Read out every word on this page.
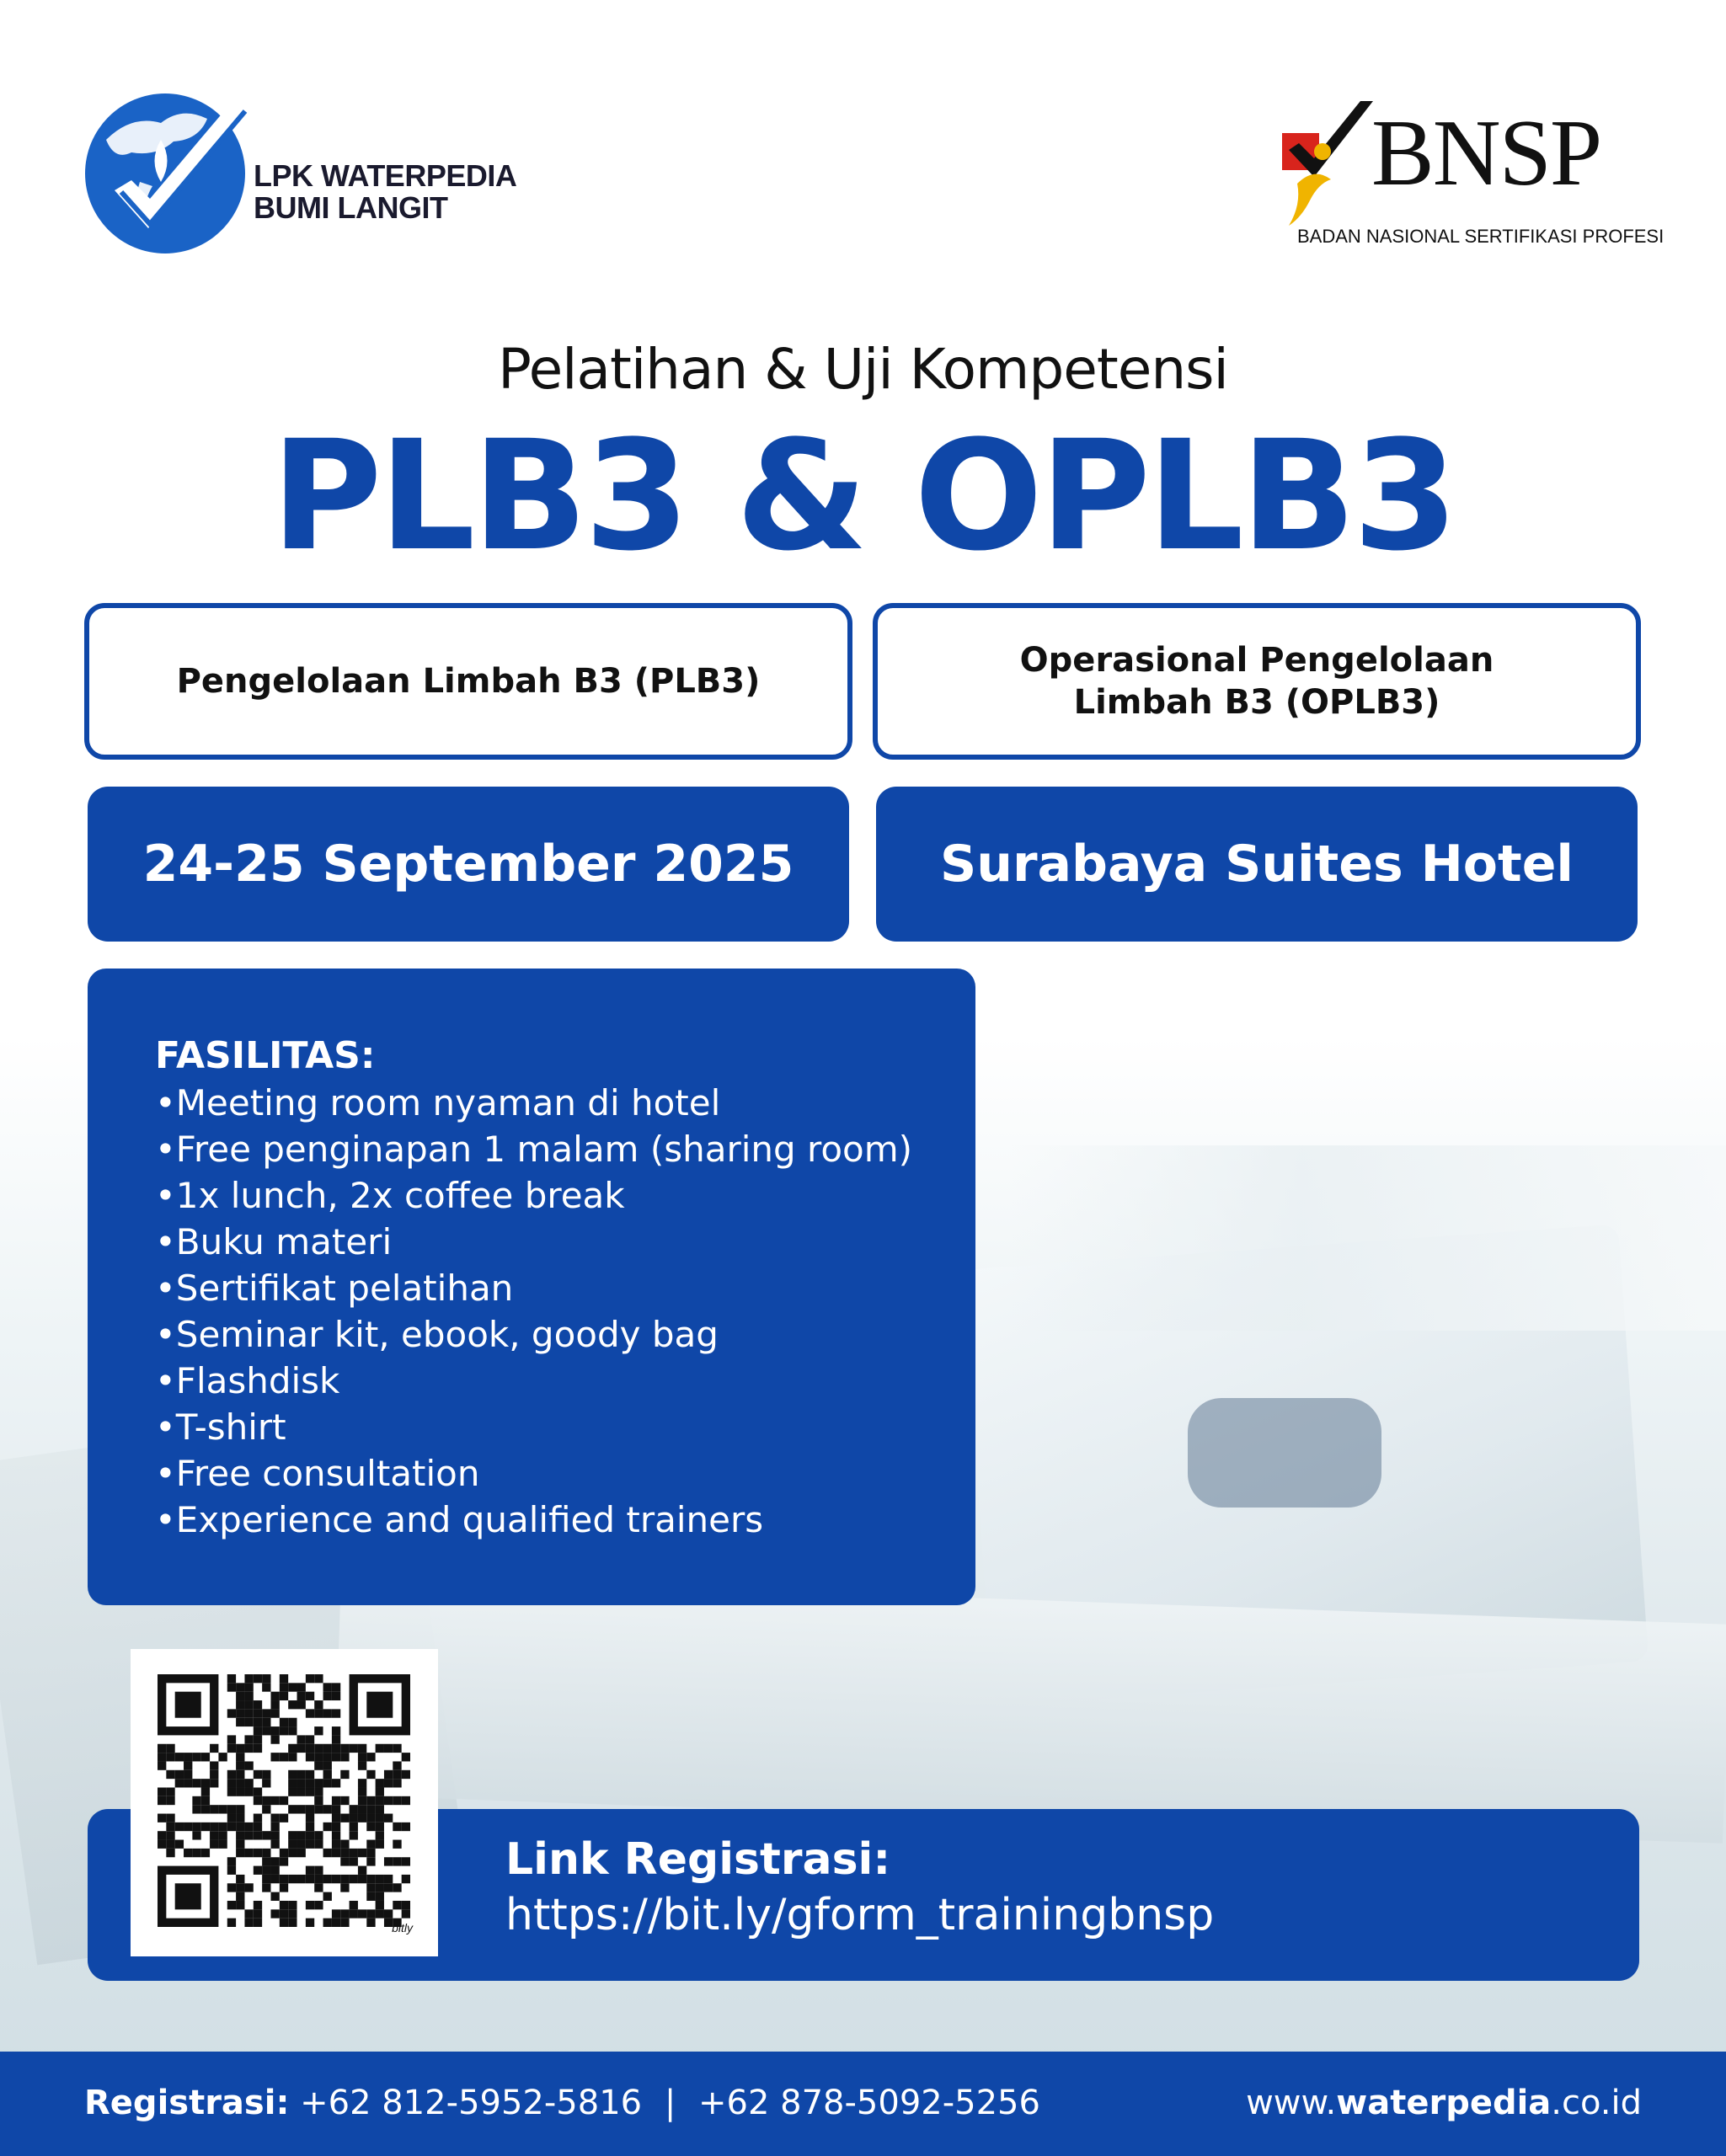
LPK WATERPEDIA
BUMI LANGIT
BNSP
BADAN NASIONAL SERTIFIKASI PROFESI
Pelatihan & Uji Kompetensi
PLB3 & OPLB3
Pengelolaan Limbah B3 (PLB3)
Operasional Pengelolaan Limbah B3 (OPLB3)
24-25 September 2025	Surabaya Suites Hotel
FASILITAS:
• Meeting room nyaman di hotel
• Free penginapan 1 malam (sharing room)
• 1x lunch, 2x coffee break
• Buku materi
• Sertifikat pelatihan
• Seminar kit, ebook, goody bag
• Flashdisk
• T-shirt
• Free consultation
• Experience and qualified trainers
Link Registrasi:
https://bit.ly/gform_trainingbnsp
bitly
Registrasi: +62 812-5952-5816 | +62 878-5092-5256	www.waterpedia.co.id
